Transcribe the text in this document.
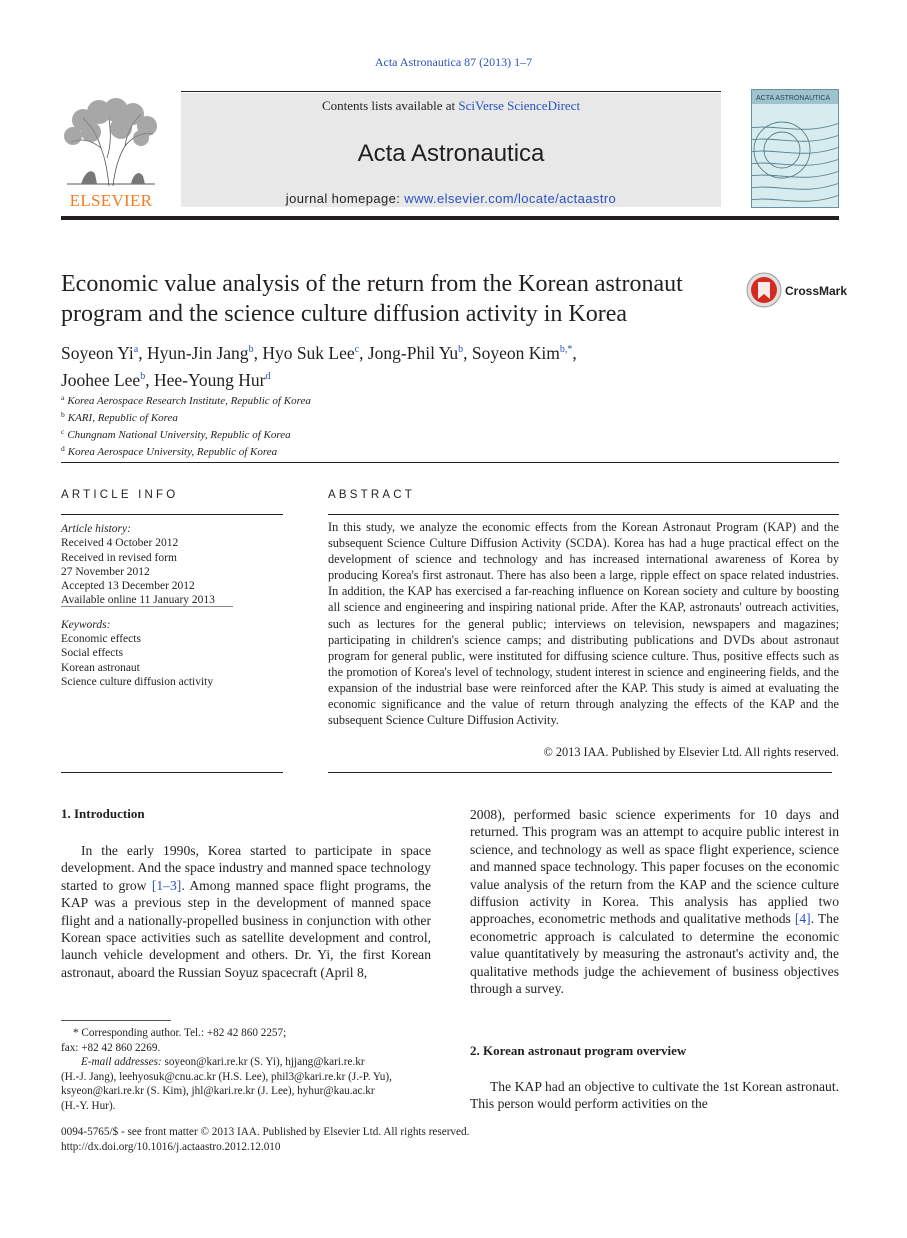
Acta Astronautica 87 (2013) 1–7
Contents lists available at SciVerse ScienceDirect
Acta Astronautica
journal homepage: www.elsevier.com/locate/actaastro
ELSEVIER
ACTA ASTRONAUTICA
Economic value analysis of the return from the Korean astronaut program and the science culture diffusion activity in Korea
CrossMark
Soyeon Yi$^a$, Hyun-Jin Jang$^b$, Hyo Suk Lee$^c$, Jong-Phil Yu$^b$, Soyeon Kim$^{b,*}$,
Joohee Lee$^b$, Hee-Young Hur$^d$
$^a$ Korea Aerospace Research Institute, Republic of Korea
$^b$ KARI, Republic of Korea
$^c$ Chungnam National University, Republic of Korea
$^d$ Korea Aerospace University, Republic of Korea
ARTICLE INFO	ABSTRACT
Article history:
Received 4 October 2012
Received in revised form
27 November 2012
Accepted 13 December 2012
Available online 11 January 2013
Keywords:
Economic effects
Social effects
Korean astronaut
Science culture diffusion activity
In this study, we analyze the economic effects from the Korean Astronaut Program (KAP) and the subsequent Science Culture Diffusion Activity (SCDA). Korea has had a huge practical effect on the development of science and technology and has increased international awareness of Korea by producing Korea's first astronaut. There has also been a large, ripple effect on space related industries. In addition, the KAP has exercised a far-reaching influence on Korean society and culture by boosting all science and engineering and inspiring national pride. After the KAP, astronauts' outreach activities, such as lectures for the general public; interviews on television, newspapers and magazines; participating in children's science camps; and distributing publications and DVDs about astronaut program for general public, were instituted for diffusing science culture. Thus, positive effects such as the promotion of Korea's level of technology, student interest in science and engineering fields, and the expansion of the industrial base were reinforced after the KAP. This study is aimed at evaluating the economic significance and the value of return through analyzing the effects of the KAP and the subsequent Science Culture Diffusion Activity.
© 2013 IAA. Published by Elsevier Ltd. All rights reserved.
1. Introduction
In the early 1990s, Korea started to participate in space development. And the space industry and manned space technology started to grow [1–3]. Among manned space flight programs, the KAP was a previous step in the development of manned space flight and a nationally-propelled business in conjunction with other Korean space activities such as satellite development and control, launch vehicle development and others. Dr. Yi, the first Korean astronaut, aboard the Russian Soyuz spacecraft (April 8,
2008), performed basic science experiments for 10 days and returned. This program was an attempt to acquire public interest in science, and technology as well as space flight experience, science and manned space technology. This paper focuses on the economic value analysis of the return from the KAP and the science culture diffusion activity in Korea. This analysis has applied two approaches, econometric methods and qualitative methods [4]. The econometric approach is calculated to determine the economic value quantitatively by measuring the astronaut's activity and, the qualitative methods judge the achievement of business objectives through a survey.
2. Korean astronaut program overview
The KAP had an objective to cultivate the 1st Korean astronaut. This person would perform activities on the
* Corresponding author. Tel.: +82 42 860 2257;
fax: +82 42 860 2269.
E-mail addresses: soyeon@kari.re.kr (S. Yi), hjjang@kari.re.kr
(H.-J. Jang), leehyosuk@cnu.ac.kr (H.S. Lee), phil3@kari.re.kr (J.-P. Yu),
ksyeon@kari.re.kr (S. Kim), jhl@kari.re.kr (J. Lee), hyhur@kau.ac.kr
(H.-Y. Hur).
0094-5765/$ - see front matter © 2013 IAA. Published by Elsevier Ltd. All rights reserved.
http://dx.doi.org/10.1016/j.actaastro.2012.12.010
